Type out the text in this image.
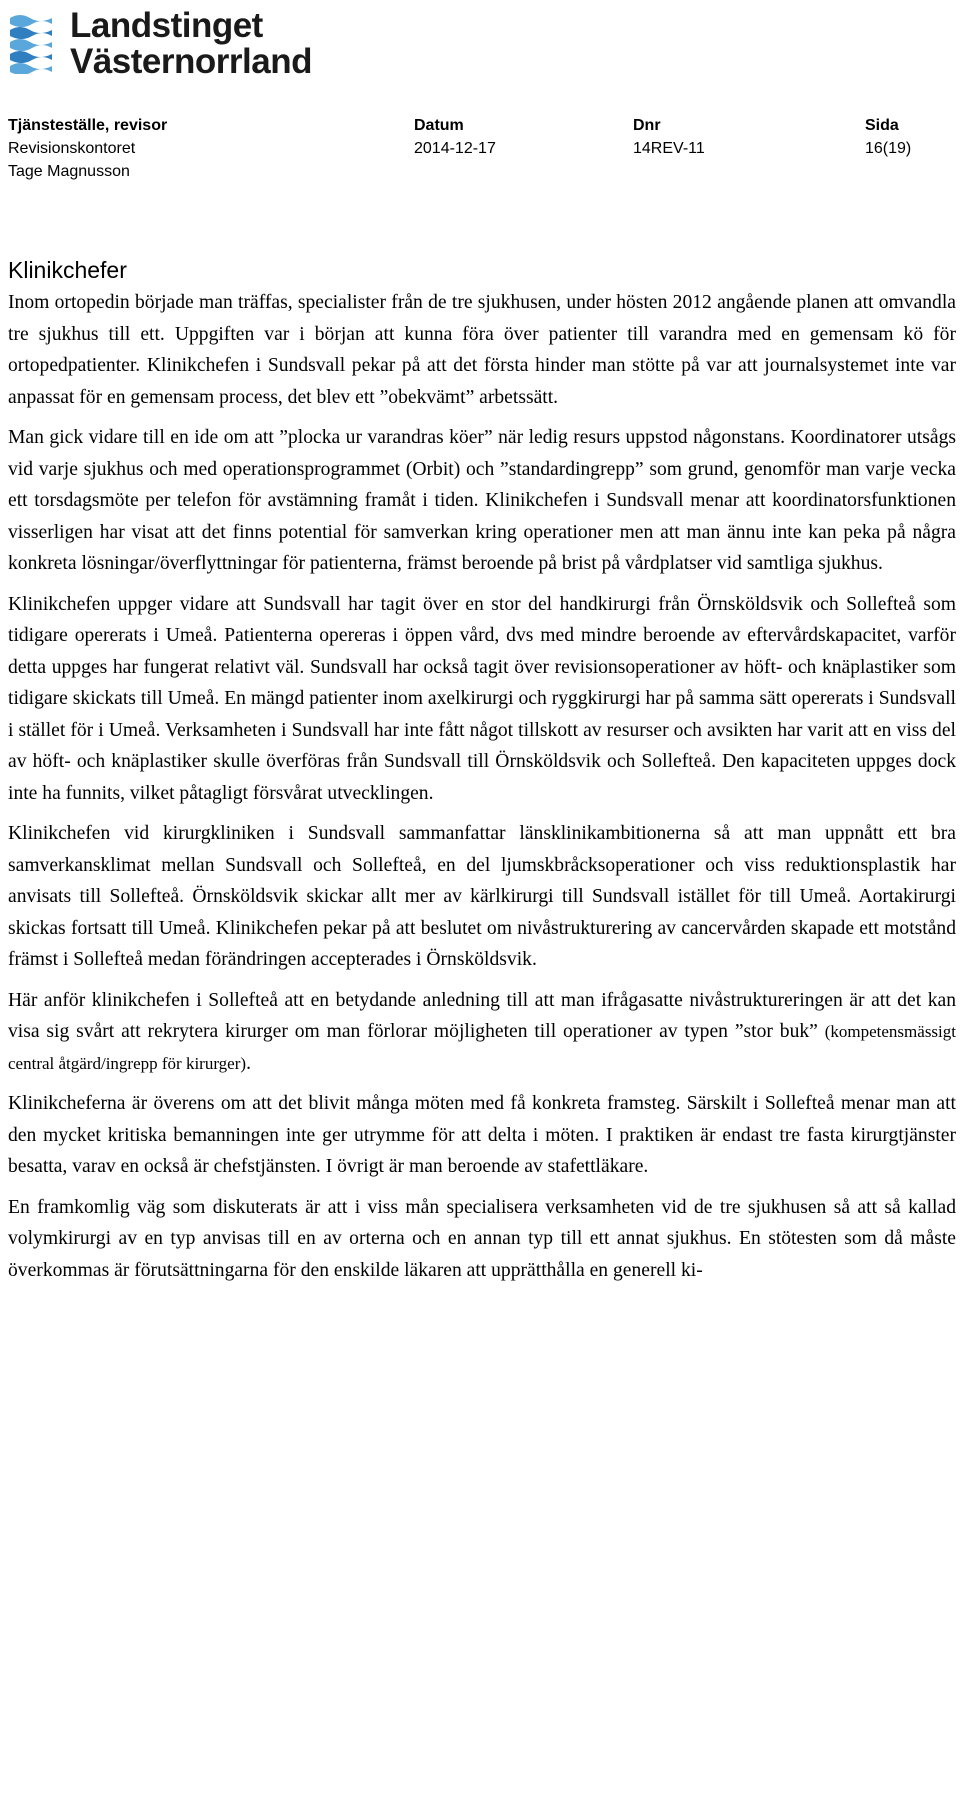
Landstinget
Västernorrland
Tjänsteställe, revisor
Revisionskontoret
Tage Magnusson
Datum
2014-12-17
Dnr
14REV-11
Sida
16(19)
Klinikchefer

Inom ortopedin började man träffas, specialister från de tre sjukhusen, under hösten 2012 angående planen att omvandla tre sjukhus till ett. Uppgiften var i början att kunna föra över patienter till varandra med en gemensam kö för ortopedpatienter. Klinikchefen i Sundsvall pekar på att det första hinder man stötte på var att journalsystemet inte var anpassat för en gemensam process, det blev ett ”obekvämt” arbetssätt.

Man gick vidare till en ide om att ”plocka ur varandras köer” när ledig resurs uppstod någonstans. Koordinatorer utsågs vid varje sjukhus och med operationsprogrammet (Orbit) och ”standardingrepp” som grund, genomför man varje vecka ett torsdagsmöte per telefon för avstämning framåt i tiden. Klinikchefen i Sundsvall menar att koordinatorsfunktionen visserligen har visat att det finns potential för samverkan kring operationer men att man ännu inte kan peka på några konkreta lösningar/överflyttningar för patienterna, främst beroende på brist på vårdplatser vid samtliga sjukhus.

Klinikchefen uppger vidare att Sundsvall har tagit över en stor del handkirurgi från Örnsköldsvik och Sollefteå som tidigare opererats i Umeå. Patienterna opereras i öppen vård, dvs med mindre beroende av eftervårdskapacitet, varför detta uppges har fungerat relativt väl. Sundsvall har också tagit över revisionsoperationer av höft- och knäplastiker som tidigare skickats till Umeå. En mängd patienter inom axelkirurgi och ryggkirurgi har på samma sätt opererats i Sundsvall i stället för i Umeå. Verksamheten i Sundsvall har inte fått något tillskott av resurser och avsikten har varit att en viss del av höft- och knäplastiker skulle överföras från Sundsvall till Örnsköldsvik och Sollefteå. Den kapaciteten uppges dock inte ha funnits, vilket påtagligt försvårat utvecklingen.

Klinikchefen vid kirurgkliniken i Sundsvall sammanfattar länsklinikambitionerna så att man uppnått ett bra samverkansklimat mellan Sundsvall och Sollefteå, en del ljumskbråcksoperationer och viss reduktionsplastik har anvisats till Sollefteå. Örnsköldsvik skickar allt mer av kärlkirurgi till Sundsvall istället för till Umeå. Aortakirurgi skickas fortsatt till Umeå. Klinikchefen pekar på att beslutet om nivåstrukturering av cancervården skapade ett motstånd främst i Sollefteå medan förändringen accepterades i Örnsköldsvik.

Här anför klinikchefen i Sollefteå att en betydande anledning till att man ifrågasatte nivåstruktureringen är att det kan visa sig svårt att rekrytera kirurger om man förlorar möjligheten till operationer av typen ”stor buk” (kompetensmässigt central åtgärd/ingrepp för kirurger).

Klinikcheferna är överens om att det blivit många möten med få konkreta framsteg. Särskilt i Sollefteå menar man att den mycket kritiska bemanningen inte ger utrymme för att delta i möten. I praktiken är endast tre fasta kirurgtjänster besatta, varav en också är chefstjänsten. I övrigt är man beroende av stafettläkare.

En framkomlig väg som diskuterats är att i viss mån specialisera verksamheten vid de tre sjukhusen så att så kallad volymkirurgi av en typ anvisas till en av orterna och en annan typ till ett annat sjukhus. En stötesten som då måste överkommas är förutsättningarna för den enskilde läkaren att upprätthålla en generell ki-
